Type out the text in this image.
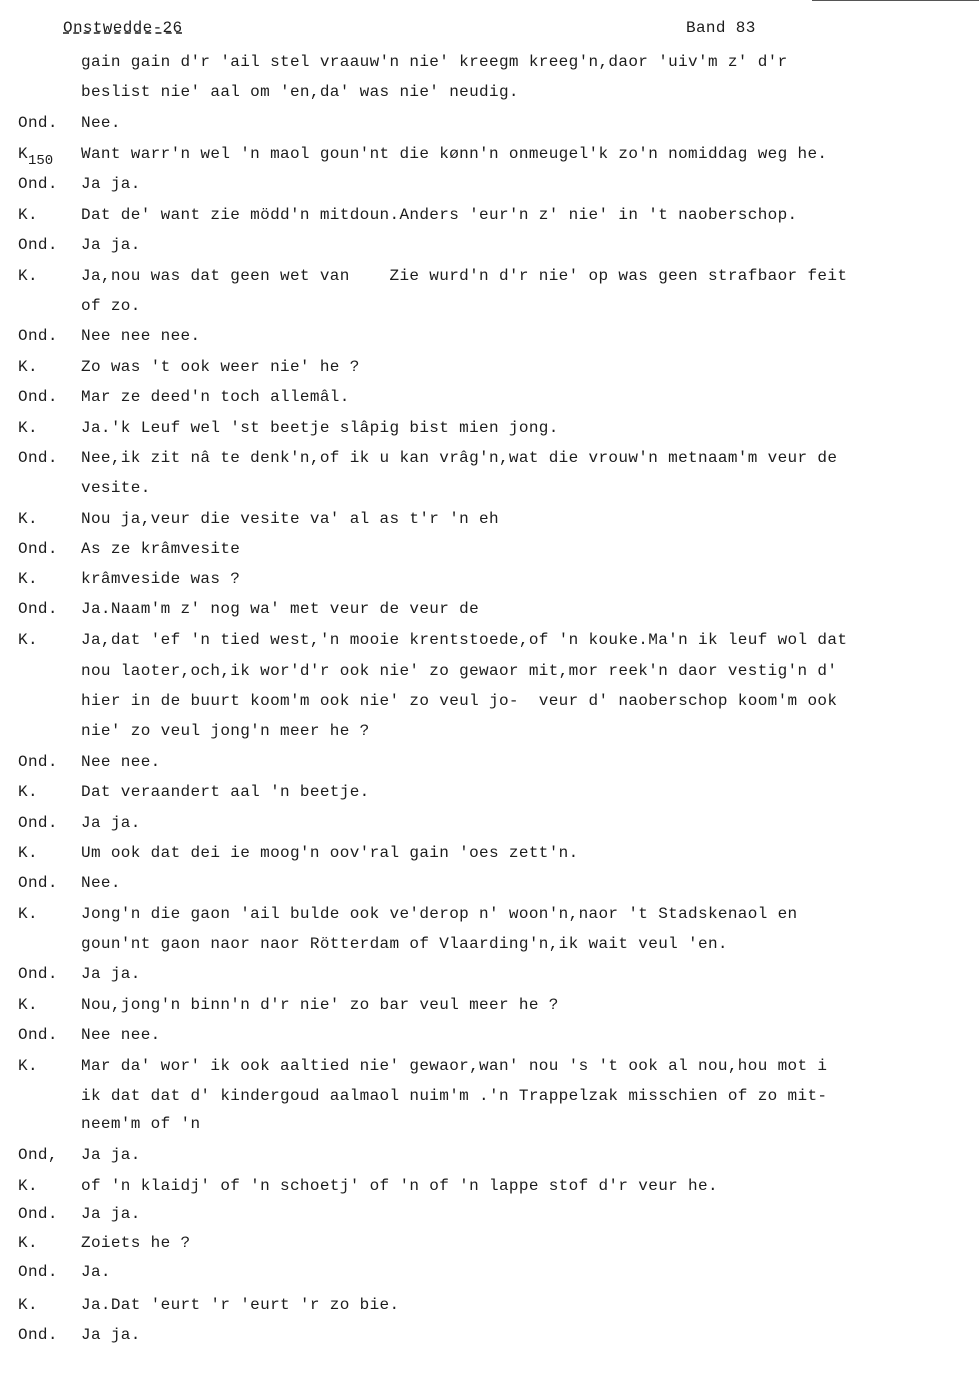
Onstwedde-26	Band 83
gain gain d'r 'ail stel vraauw'n nie' kreegm kreeg'n,daor 'uiv'm z' d'r
beslist nie' aal om 'en,da' was nie' neudig.
Ond. Nee.
K150 Want warr'n wel 'n maol goun'nt die kønn'n onmeugel'k zo'n nomiddag weg he.
Ond. Ja ja.
K.	Dat de' want zie mödd'n mitdoun.Anders 'eur'n z' nie' in 't naoberschop.
Ond. Ja ja.
K.	Ja,nou was dat geen wet van    Zie wurd'n d'r nie' op was geen strafbaor feit
of zo.
Ond. Nee nee nee.
K.	Zo was 't ook weer nie' he ?
Ond. Mar ze deed'n toch allemâl.
K.	Ja.'k Leuf wel 'st beetje slâpig bist mien jong.
Ond. Nee,ik zit nâ te denk'n,of ik u kan vrâg'n,wat die vrouw'n metnaam'm veur de
vesite.
K.	Nou ja,veur die vesite va' al as t'r 'n eh
Ond. As ze krâmvesite
K.	krâmveside was ?
Ond. Ja.Naam'm z' nog wa' met veur de veur de
K.	Ja,dat 'ef 'n tied west,'n mooie krentstoede,of 'n kouke.Ma'n ik leuf wol dat
nou laoter,och,ik wor'd'r ook nie' zo gewaor mit,mor reek'n daor vestig'n d'
hier in de buurt koom'm ook nie' zo veul jo-  veur d' naoberschop koom'm ook
nie' zo veul jong'n meer he ?
Ond. Nee nee.
K.	Dat veraandert aal 'n beetje.
Ond. Ja ja.
K.	Um ook dat dei ie moog'n oov'ral gain 'oes zett'n.
Ond. Nee.
K.	Jong'n die gaon 'ail bulde ook ve'derop n' woon'n,naor 't Stadskenaol en
goun'nt gaon naor naor Rötterdam of Vlaarding'n,ik wait veul 'en.
Ond. Ja ja.
K.	Nou,jong'n binn'n d'r nie' zo bar veul meer he ?
Ond. Nee nee.
K.	Mar da' wor' ik ook aaltied nie' gewaor,wan' nou 's 't ook al nou,hou mot i
ik dat dat d' kindergoud aalmaol nuim'm .'n Trappelzak misschien of zo mit-
neem'm of 'n
Ond, Ja ja.
K.	of 'n klaidj' of 'n schoetj' of 'n of 'n lappe stof d'r veur he.
Ond. Ja ja.
K.	Zoiets he ?
Ond. Ja.
K.	Ja.Dat 'eurt 'r 'eurt 'r zo bie.
Ond. Ja ja.
